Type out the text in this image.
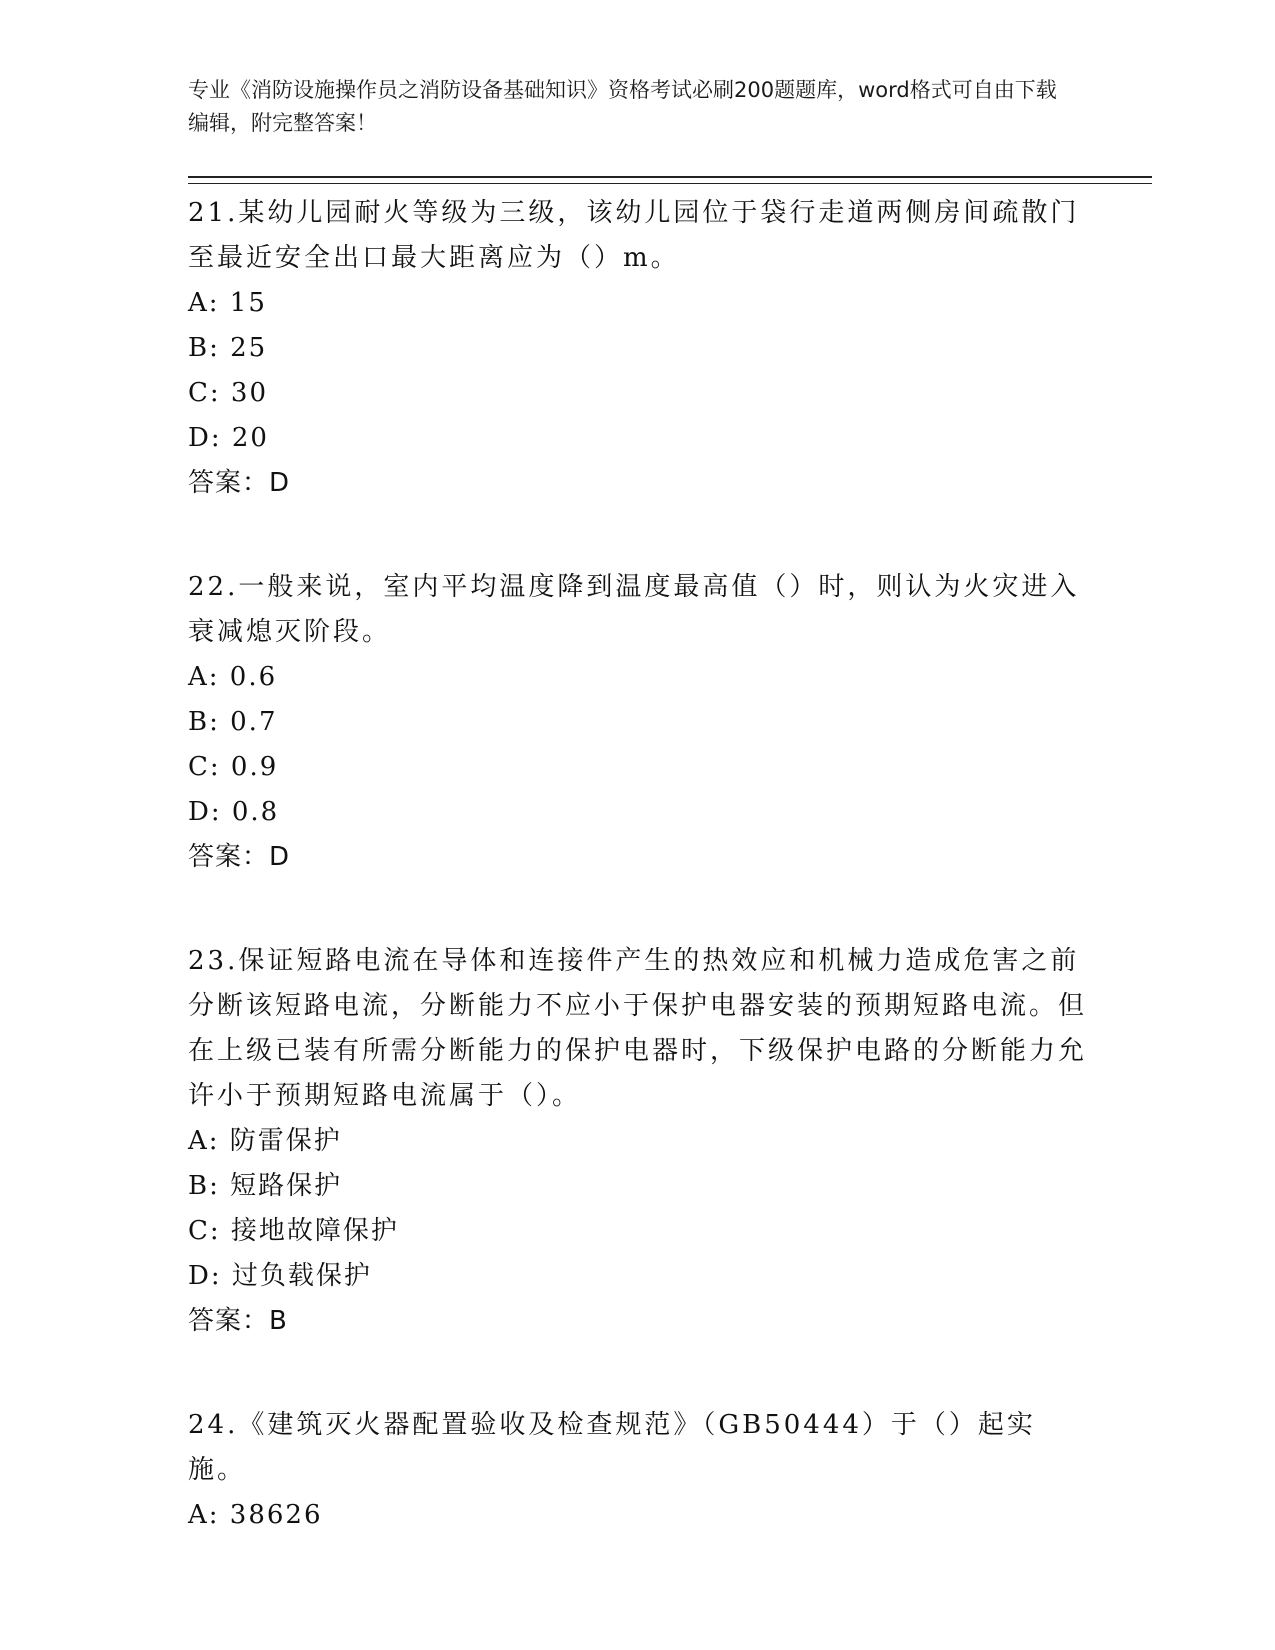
专业《消防设施操作员之消防设备基础知识》资格考试必刷200题题库，word格式可自由下载编辑，附完整答案！
21.某幼儿园耐火等级为三级，该幼儿园位于袋行走道两侧房间疏散门至最近安全出口最大距离应为（）m。
A: 15
B: 25
C: 30
D: 20
答案：D
22.一般来说，室内平均温度降到温度最高值（）时，则认为火灾进入衰减熄灭阶段。
A: 0.6
B: 0.7
C: 0.9
D: 0.8
答案：D
23.保证短路电流在导体和连接件产生的热效应和机械力造成危害之前分断该短路电流，分断能力不应小于保护电器安装的预期短路电流。但在上级已装有所需分断能力的保护电器时，下级保护电路的分断能力允许小于预期短路电流属于（）。
A: 防雷保护
B: 短路保护
C: 接地故障保护
D: 过负载保护
答案：B
24.《建筑灭火器配置验收及检查规范》（GB50444）于（）起实施。
A: 38626
